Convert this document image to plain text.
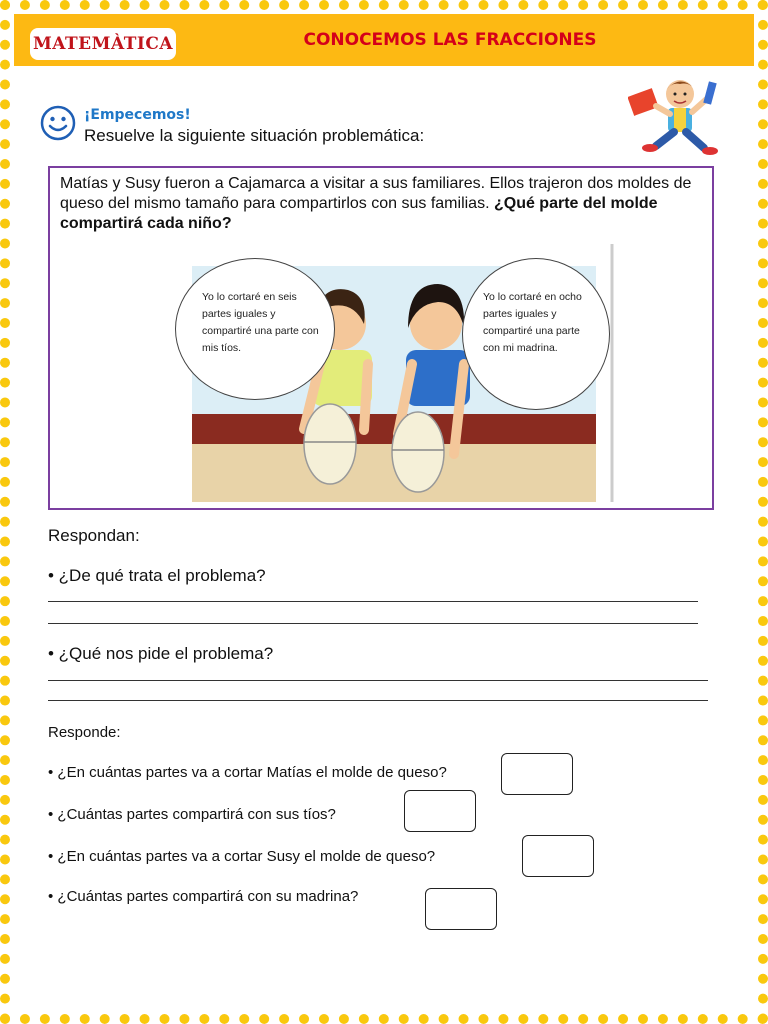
MATEMÀTICA	CONOCEMOS LAS FRACCIONES
¡Empecemos!
Resuelve la siguiente situación problemática:
Matías y Susy fueron a Cajamarca a visitar a sus familiares. Ellos trajeron dos moldes de queso del mismo tamaño para compartirlos con sus familias. ¿Qué parte del molde compartirá cada niño?
Yo lo cortaré en seis partes iguales y compartiré una parte con mis tíos.
Yo lo cortaré en ocho partes iguales y compartiré una parte con mi madrina.
Respondan:
• ¿De qué trata el problema?
• ¿Qué nos pide el problema?
Responde:
• ¿En cuántas partes va a cortar Matías el molde de queso?
• ¿Cuántas partes compartirá con sus tíos?
• ¿En cuántas partes va a cortar Susy el molde de queso?
• ¿Cuántas partes compartirá con su madrina?
